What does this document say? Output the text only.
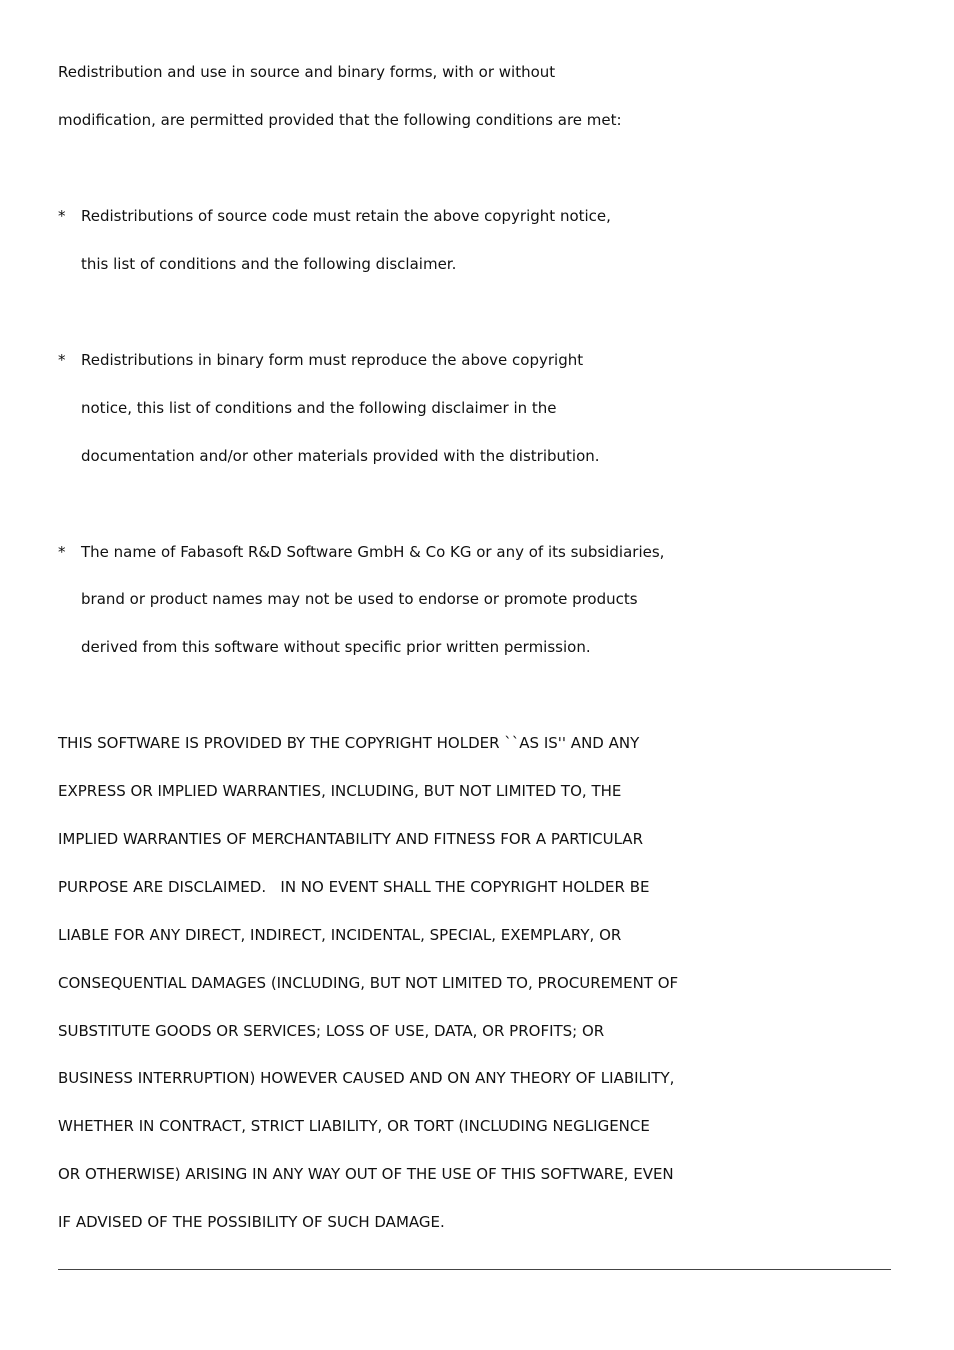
Redistribution and use in source and binary forms, with or without

modification, are permitted provided that the following conditions are met:

* Redistributions of source code must retain the above copyright notice,

this list of conditions and the following disclaimer.

* Redistributions in binary form must reproduce the above copyright

notice, this list of conditions and the following disclaimer in the

documentation and/or other materials provided with the distribution.

* The name of Fabasoft R&D Software GmbH & Co KG or any of its subsidiaries,

brand or product names may not be used to endorse or promote products

derived from this software without specific prior written permission.

THIS SOFTWARE IS PROVIDED BY THE COPYRIGHT HOLDER ``AS IS'' AND ANY

EXPRESS OR IMPLIED WARRANTIES, INCLUDING, BUT NOT LIMITED TO, THE

IMPLIED WARRANTIES OF MERCHANTABILITY AND FITNESS FOR A PARTICULAR

PURPOSE ARE DISCLAIMED.   IN NO EVENT SHALL THE COPYRIGHT HOLDER BE

LIABLE FOR ANY DIRECT, INDIRECT, INCIDENTAL, SPECIAL, EXEMPLARY, OR

CONSEQUENTIAL DAMAGES (INCLUDING, BUT NOT LIMITED TO, PROCUREMENT OF

SUBSTITUTE GOODS OR SERVICES; LOSS OF USE, DATA, OR PROFITS; OR

BUSINESS INTERRUPTION) HOWEVER CAUSED AND ON ANY THEORY OF LIABILITY,

WHETHER IN CONTRACT, STRICT LIABILITY, OR TORT (INCLUDING NEGLIGENCE

OR OTHERWISE) ARISING IN ANY WAY OUT OF THE USE OF THIS SOFTWARE, EVEN

IF ADVISED OF THE POSSIBILITY OF SUCH DAMAGE.
